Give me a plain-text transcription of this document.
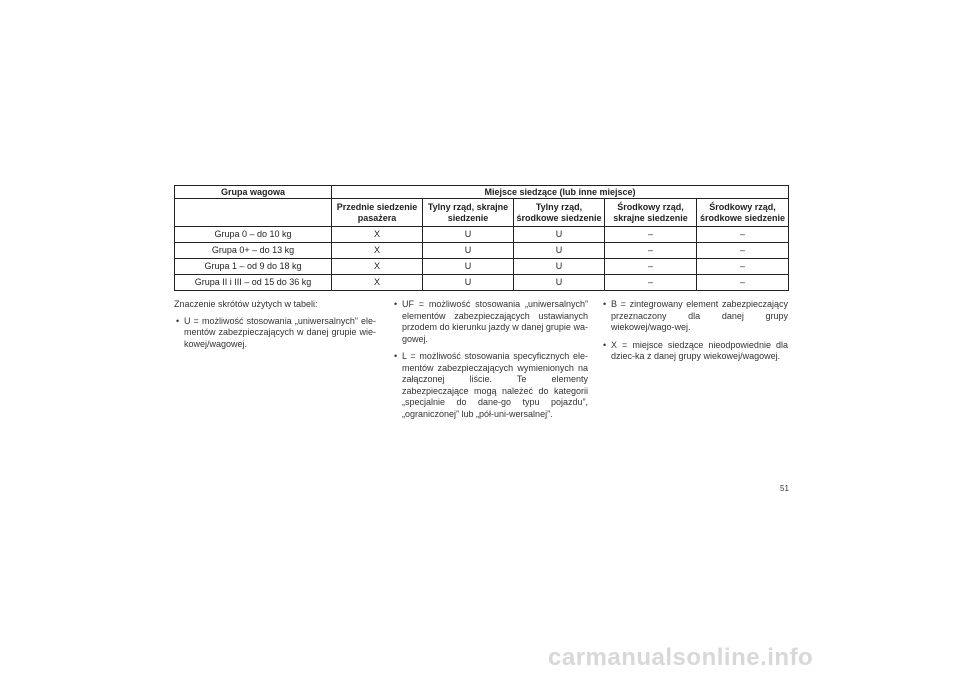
Grupa wagowa	Miejsce siedzące (lub inne miejsce)				
	Przednie siedzenie pasażera	Tylny rząd, skrajne siedzenie	Tylny rząd, środkowe siedzenie	Środkowy rząd, skrajne siedzenie	Środkowy rząd, środkowe siedzenie
Grupa 0 – do 10 kg	X	U	U	–	–
Grupa 0+ – do 13 kg	X	U	U	–	–
Grupa 1 – od 9 do 18 kg	X	U	U	–	–
Grupa II i III – od 15 do 36 kg	X	U	U	–	–

Znaczenie skrótów użytych w tabeli:

• U = możliwość stosowania „uniwersalnych” ele-mentów zabezpieczających w danej grupie wie-kowej/wagowej.
• UF = możliwość stosowania „uniwersalnych” elementów zabezpieczających ustawianych przodem do kierunku jazdy w danej grupie wa-gowej.
• L = możliwość stosowania specyficznych ele-mentów zabezpieczających wymienionych na załączonej liście. Te elementy zabezpieczające mogą należeć do kategorii „specjalnie do dane-go typu pojazdu”, „ograniczonej” lub „pół-uni-wersalnej”.
• B = zintegrowany element zabezpieczający przeznaczony dla danej grupy wiekowej/wago-wej.
• X = miejsce siedzące nieodpowiednie dla dziec-ka z danej grupy wiekowej/wagowej.
51
carmanualsonline.info
